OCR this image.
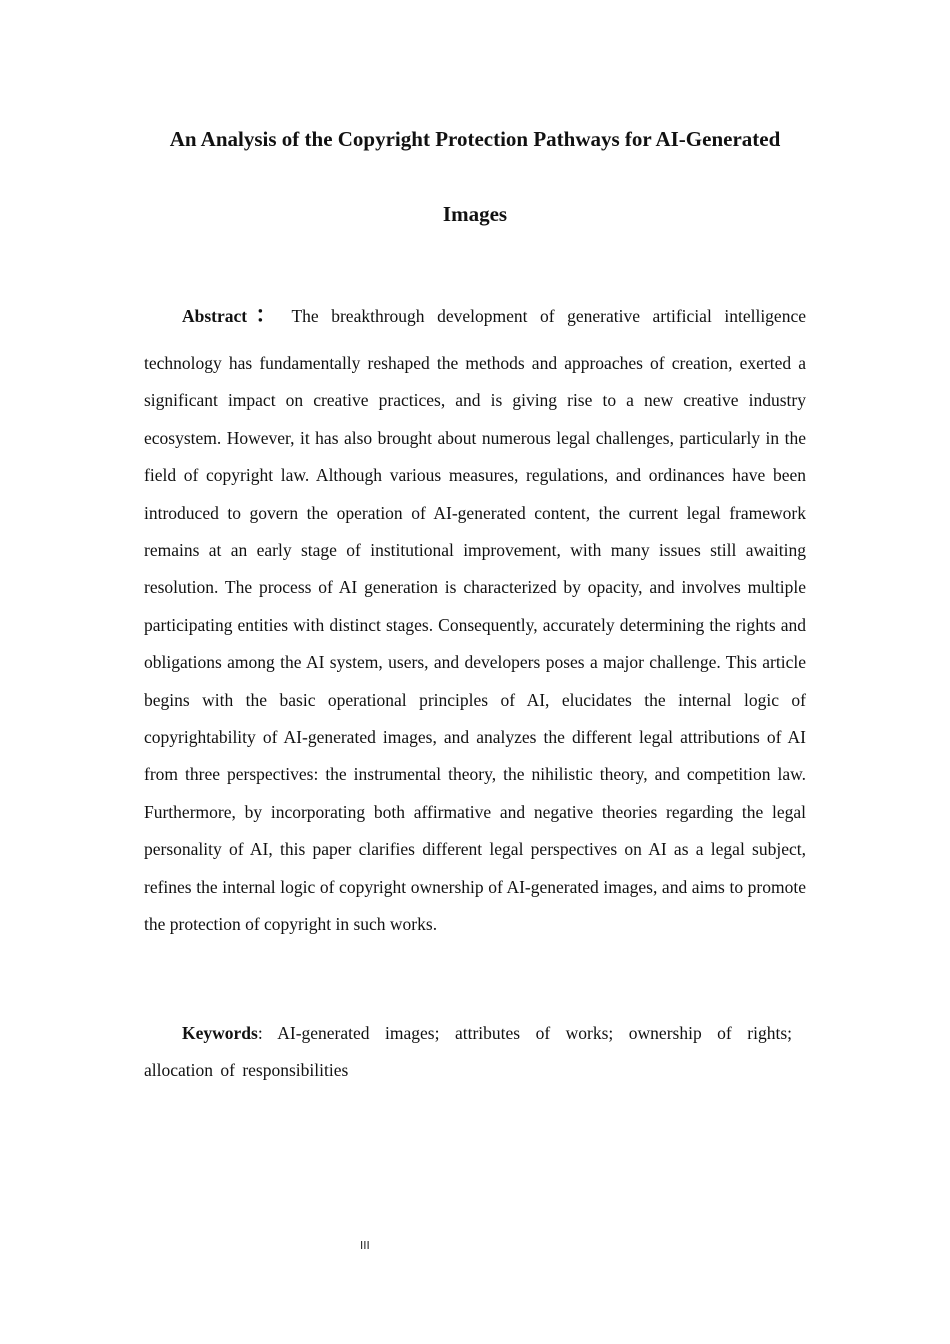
An Analysis of the Copyright Protection Pathways for AI-Generated
Images

Abstract： The breakthrough development of generative artificial intelligence

technology has fundamentally reshaped the methods and approaches of creation, exerted a significant impact on creative practices, and is giving rise to a new creative industry ecosystem. However, it has also brought about numerous legal challenges, particularly in the field of copyright law. Although various measures, regulations, and ordinances have been introduced to govern the operation of AI-generated content, the current legal framework remains at an early stage of institutional improvement, with many issues still awaiting resolution. The process of AI generation is characterized by opacity, and involves multiple participating entities with distinct stages. Consequently, accurately determining the rights and obligations among the AI system, users, and developers poses a major challenge. This article begins with the basic operational principles of AI, elucidates the internal logic of copyrightability of AI-generated images, and analyzes the different legal attributions of AI from three perspectives: the instrumental theory, the nihilistic theory, and competition law. Furthermore, by incorporating both affirmative and negative theories regarding the legal personality of AI, this paper clarifies different legal perspectives on AI as a legal subject, refines the internal logic of copyright ownership of AI-generated images, and aims to promote the protection of copyright in such works.

Keywords: AI-generated images; attributes of works; ownership of rights; allocation of responsibilities

III
